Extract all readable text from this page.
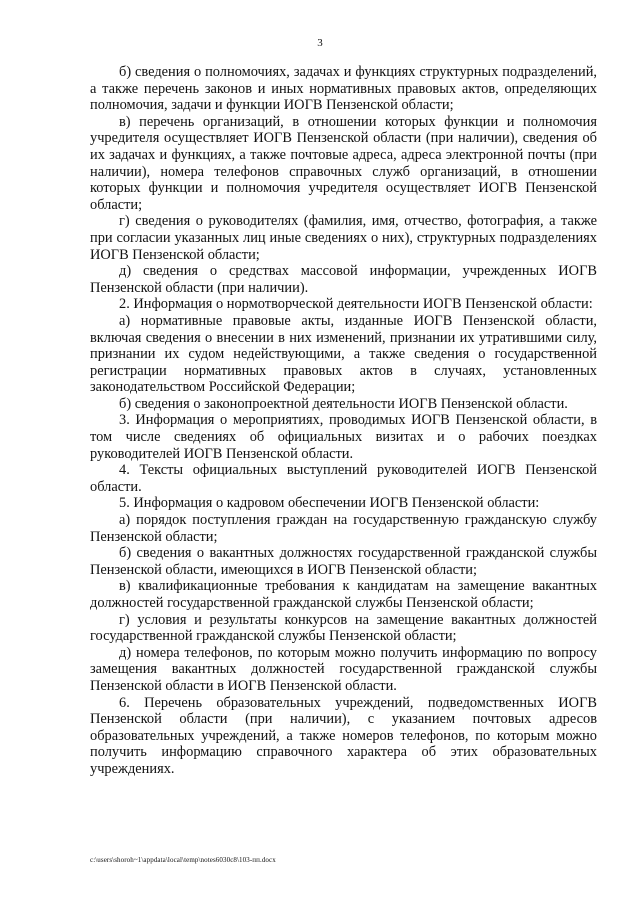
3

б) сведения о полномочиях, задачах и функциях структурных подразделений, а также перечень законов и иных нормативных правовых актов, определяющих полномочия, задачи и функции ИОГВ Пензенской области;

в) перечень организаций, в отношении которых функции и полномочия учредителя осуществляет ИОГВ Пензенской области (при наличии), сведения об их задачах и функциях, а также почтовые адреса, адреса электронной почты (при наличии), номера телефонов справочных служб организаций, в отношении которых функции и полномочия учредителя осуществляет ИОГВ Пензенской области;

г) сведения о руководителях (фамилия, имя, отчество, фотография, а также при согласии указанных лиц иные сведениях о них), структурных подразделениях ИОГВ Пензенской области;

д) сведения о средствах массовой информации, учрежденных ИОГВ Пензенской области (при наличии).

2. Информация о нормотворческой деятельности ИОГВ Пензенской области:

а) нормативные правовые акты, изданные ИОГВ Пензенской области, включая сведения о внесении в них изменений, признании их утратившими силу, признании их судом недействующими, а также сведения о государственной регистрации нормативных правовых актов в случаях, установленных законодательством Российской Федерации;

б) сведения о законопроектной деятельности ИОГВ Пензенской области.

3. Информация о мероприятиях, проводимых ИОГВ Пензенской области, в том числе сведениях об официальных визитах и о рабочих поездках руководителей ИОГВ Пензенской области.

4. Тексты официальных выступлений руководителей ИОГВ Пензенской области.

5. Информация о кадровом обеспечении ИОГВ Пензенской области:

а) порядок поступления граждан на государственную гражданскую службу Пензенской области;

б) сведения о вакантных должностях государственной гражданской службы Пензенской области, имеющихся в ИОГВ Пензенской области;

в) квалификационные требования к кандидатам на замещение вакантных должностей государственной гражданской службы Пензенской области;

г) условия и результаты конкурсов на замещение вакантных должностей государственной гражданской службы Пензенской области;

д) номера телефонов, по которым можно получить информацию по вопросу замещения вакантных должностей государственной гражданской службы Пензенской области в ИОГВ Пензенской области.

6. Перечень образовательных учреждений, подведомственных ИОГВ Пензенской области (при наличии), с указанием почтовых адресов образовательных учреждений, а также номеров телефонов, по которым можно получить информацию справочного характера об этих образовательных учреждениях.

c:\users\shoroh~1\appdata\local\temp\notes6030c8\103-пп.docx
